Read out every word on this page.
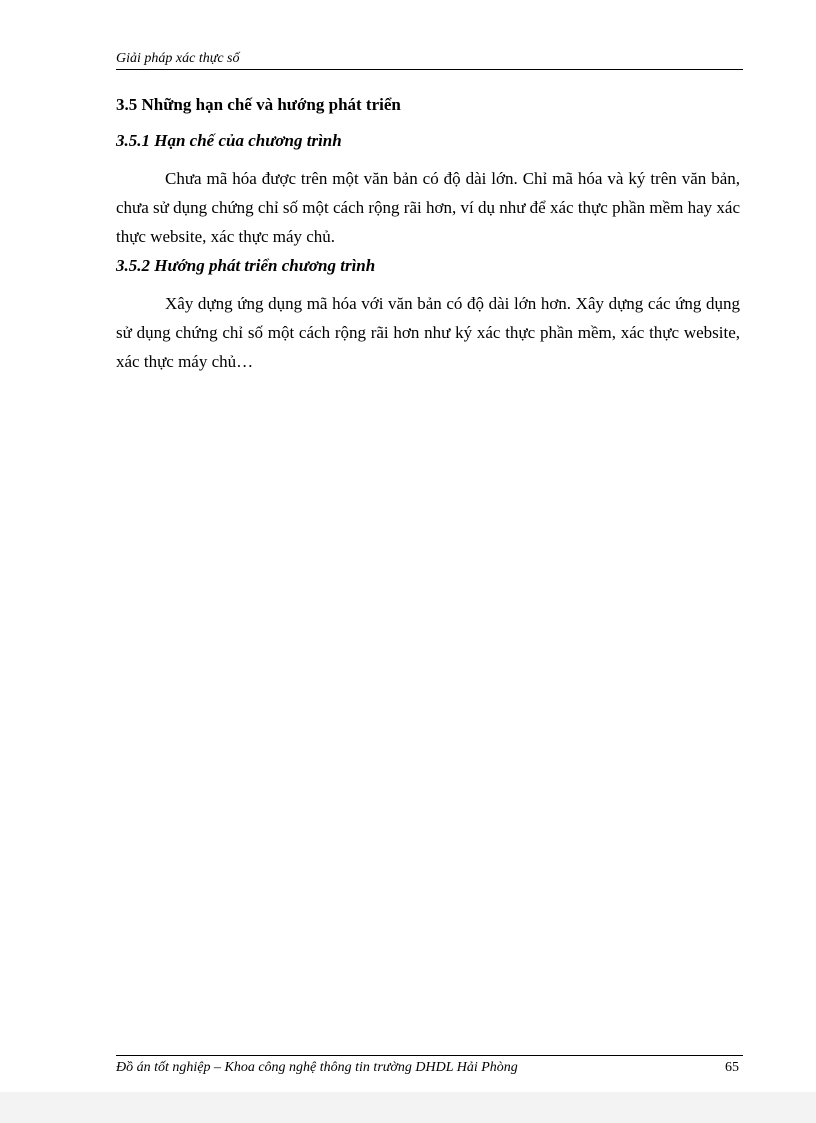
Giải pháp xác thực số
3.5 Những hạn chế và hướng phát triển
3.5.1 Hạn chế của chương trình

Chưa mã hóa được trên một văn bản có độ dài lớn. Chỉ mã hóa và ký trên văn bản, chưa sử dụng chứng chỉ số một cách rộng rãi hơn, ví dụ như để xác thực phần mềm hay xác thực website, xác thực máy chủ.

3.5.2 Hướng phát triển chương trình

Xây dựng ứng dụng mã hóa với văn bản có độ dài lớn hơn. Xây dựng các ứng dụng sử dụng chứng chỉ số một cách rộng rãi hơn như ký xác thực phần mềm, xác thực website, xác thực máy chủ…

Đồ án tốt nghiệp – Khoa công nghệ thông tin trường DHDL Hải Phòng	65
